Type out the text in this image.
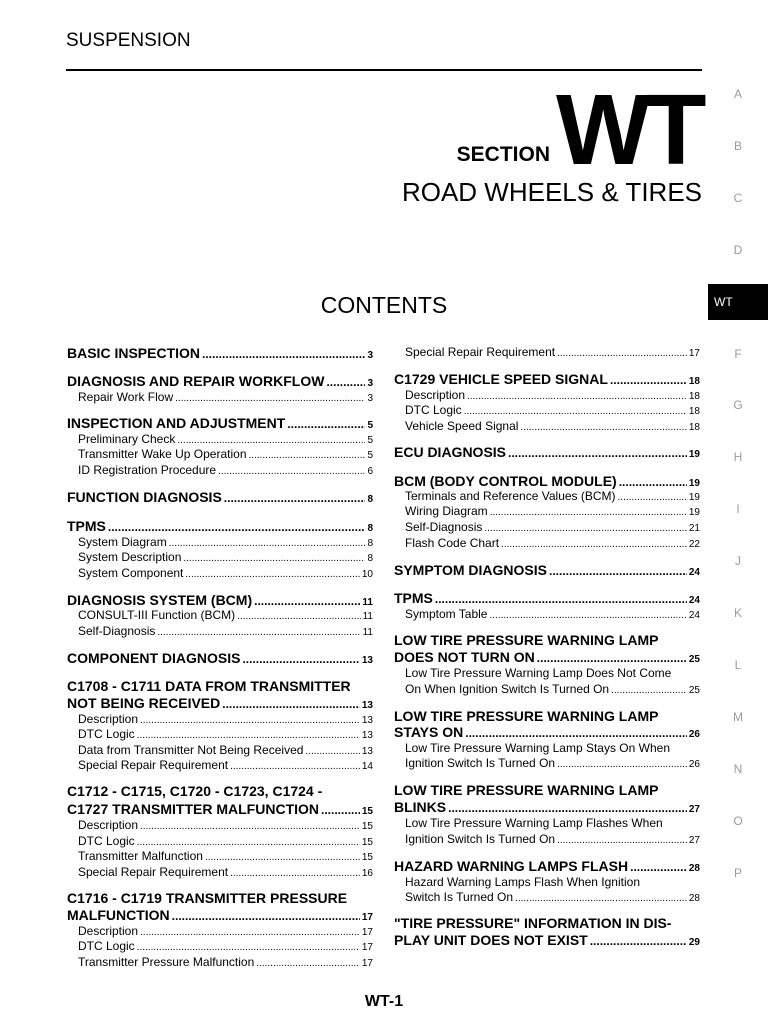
SUSPENSION
SECTION WT
ROAD WHEELS & TIRES
CONTENTS
A
B
C
D
WT
F
G
H
I
J
K
L
M
N
O
P
BASIC INSPECTION .....	3
DIAGNOSIS AND REPAIR WORKFLOW .....	3
Repair Work Flow .....	3
INSPECTION AND ADJUSTMENT .....	5
Preliminary Check .....	5
Transmitter Wake Up Operation .....	5
ID Registration Procedure .....	6
FUNCTION DIAGNOSIS .....	8
TPMS .....	8
System Diagram .....	8
System Description .....	8
System Component .....	10
DIAGNOSIS SYSTEM (BCM) .....	11
CONSULT-III Function (BCM) .....	11
Self-Diagnosis .....	11
COMPONENT DIAGNOSIS .....	13
C1708 - C1711 DATA FROM TRANSMITTER
NOT BEING RECEIVED .....	13
Description .....	13
DTC Logic .....	13
Data from Transmitter Not Being Received .....	13
Special Repair Requirement .....	14
C1712 - C1715, C1720 - C1723, C1724 -
C1727 TRANSMITTER MALFUNCTION .....	15
Description .....	15
DTC Logic .....	15
Transmitter Malfunction .....	15
Special Repair Requirement .....	16
C1716 - C1719 TRANSMITTER PRESSURE
MALFUNCTION .....	17
Description .....	17
DTC Logic .....	17
Transmitter Pressure Malfunction .....	17
Special Repair Requirement .....	17
C1729 VEHICLE SPEED SIGNAL .....	18
Description .....	18
DTC Logic .....	18
Vehicle Speed Signal .....	18
ECU DIAGNOSIS .....	19
BCM (BODY CONTROL MODULE) .....	19
Terminals and Reference Values (BCM) .....	19
Wiring Diagram .....	19
Self-Diagnosis .....	21
Flash Code Chart .....	22
SYMPTOM DIAGNOSIS .....	24
TPMS .....	24
Symptom Table .....	24
LOW TIRE PRESSURE WARNING LAMP
DOES NOT TURN ON .....	25
Low Tire Pressure Warning Lamp Does Not Come
On When Ignition Switch Is Turned On .....	25
LOW TIRE PRESSURE WARNING LAMP
STAYS ON .....	26
Low Tire Pressure Warning Lamp Stays On When
Ignition Switch Is Turned On .....	26
LOW TIRE PRESSURE WARNING LAMP
BLINKS .....	27
Low Tire Pressure Warning Lamp Flashes When
Ignition Switch Is Turned On .....	27
HAZARD WARNING LAMPS FLASH .....	28
Hazard Warning Lamps Flash When Ignition
Switch Is Turned On .....	28
"TIRE PRESSURE" INFORMATION IN DIS-
PLAY UNIT DOES NOT EXIST .....	29
WT-1
